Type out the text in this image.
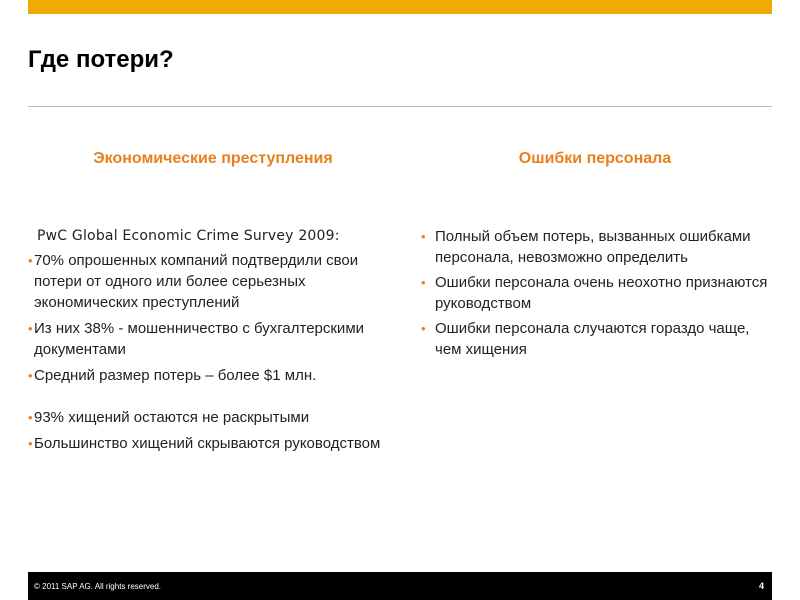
Где потери?
Экономические преступления	Ошибки персонала
PwC Global Economic Crime Survey 2009:
• 70% опрошенных компаний подтвердили свои потери от одного или более серьезных экономических преступлений
• Из них 38% - мошенничество с бухгалтерскими документами
• Средний размер потерь – более $1 млн.
• 93% хищений остаются не раскрытыми
• Большинство хищений скрываются руководством
• Полный объем потерь, вызванных ошибками персонала, невозможно определить
• Ошибки персонала очень неохотно признаются руководством
• Ошибки персонала случаются гораздо чаще, чем хищения
© 2011 SAP AG. All rights reserved.	4
